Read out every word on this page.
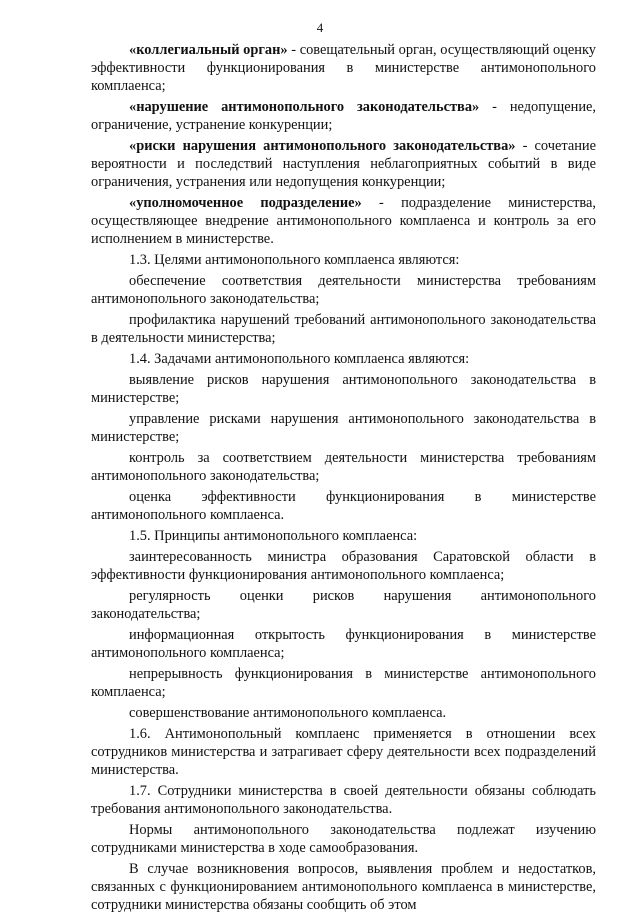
4

«коллегиальный орган» - совещательный орган, осуществляющий оценку эффективности функционирования в министерстве антимонопольного комплаенса;

«нарушение антимонопольного законодательства» - недопущение, ограничение, устранение конкуренции;

«риски нарушения антимонопольного законодательства» - сочетание вероятности и последствий наступления неблагоприятных событий в виде ограничения, устранения или недопущения конкуренции;

«уполномоченное подразделение» - подразделение министерства, осуществляющее внедрение антимонопольного комплаенса и контроль за его исполнением в министерстве.

1.3. Целями антимонопольного комплаенса являются:

обеспечение соответствия деятельности министерства требованиям антимонопольного законодательства;

профилактика нарушений требований антимонопольного законодательства в деятельности министерства;

1.4. Задачами антимонопольного комплаенса являются:

выявление рисков нарушения антимонопольного законодательства в министерстве;

управление рисками нарушения антимонопольного законодательства в министерстве;

контроль за соответствием деятельности министерства требованиям антимонопольного законодательства;

оценка эффективности функционирования в министерстве антимонопольного комплаенса.

1.5. Принципы антимонопольного комплаенса:

заинтересованность министра образования Саратовской области в эффективности функционирования антимонопольного комплаенса;

регулярность оценки рисков нарушения антимонопольного законодательства;

информационная открытость функционирования в министерстве антимонопольного комплаенса;

непрерывность функционирования в министерстве антимонопольного комплаенса;

совершенствование антимонопольного комплаенса.

1.6. Антимонопольный комплаенс применяется в отношении всех сотрудников министерства и затрагивает сферу деятельности всех подразделений министерства.

1.7. Сотрудники министерства в своей деятельности обязаны соблюдать требования антимонопольного законодательства.

Нормы антимонопольного законодательства подлежат изучению сотрудниками министерства в ходе самообразования.

В случае возникновения вопросов, выявления проблем и недостатков, связанных с функционированием антимонопольного комплаенса в министерстве, сотрудники министерства обязаны сообщить об этом
